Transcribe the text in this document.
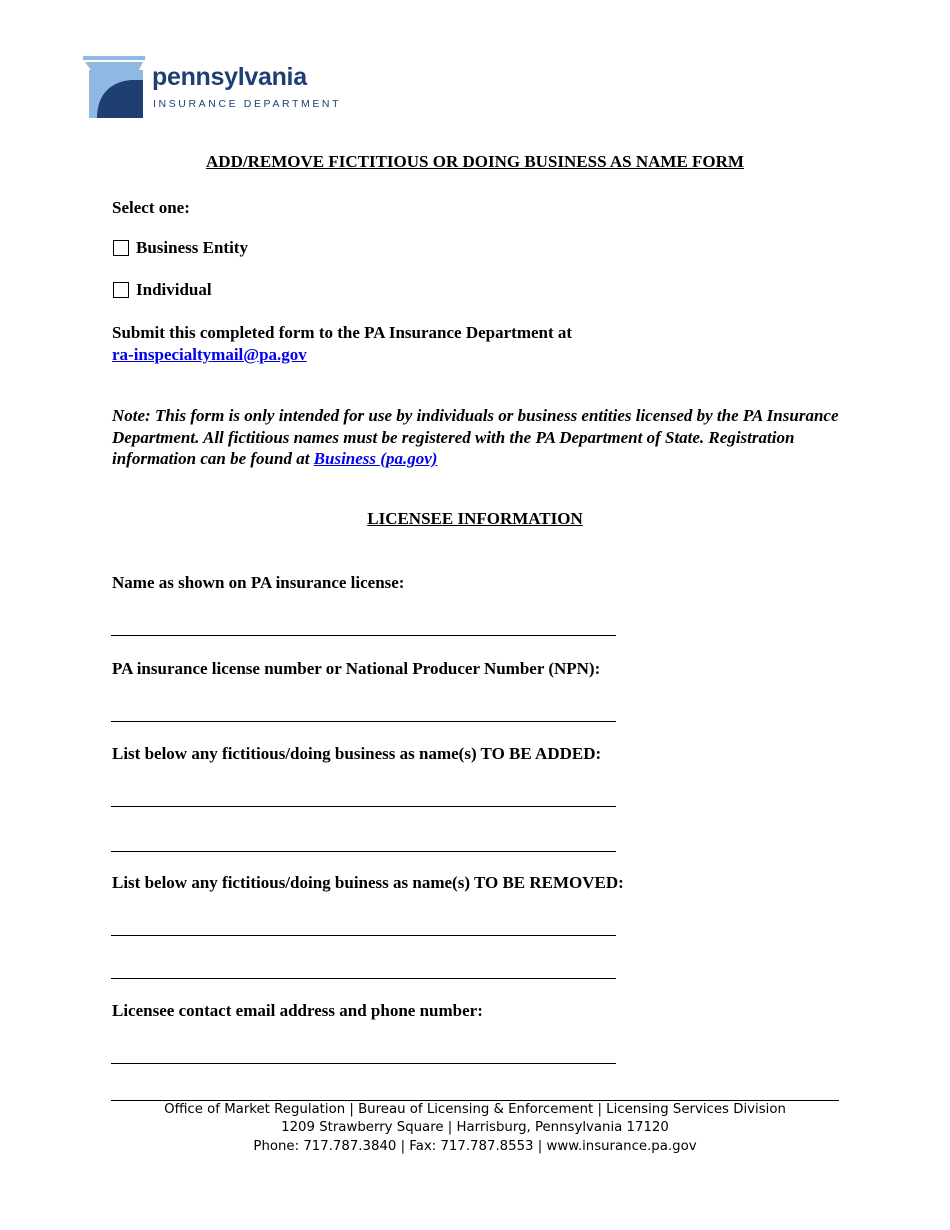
pennsylvania
INSURANCE DEPARTMENT
ADD/REMOVE FICTITIOUS OR DOING BUSINESS AS NAME FORM
Select one:
Business Entity
Individual
Submit this completed form to the PA Insurance Department at
ra-inspecialtymail@pa.gov
Note: This form is only intended for use by individuals or business entities licensed by the PA Insurance Department. All fictitious names must be registered with the PA Department of State. Registration information can be found at Business (pa.gov)
LICENSEE INFORMATION
Name as shown on PA insurance license:
PA insurance license number or National Producer Number (NPN):
List below any fictitious/doing business as name(s) TO BE ADDED:
List below any fictitious/doing buiness as name(s) TO BE REMOVED:
Licensee contact email address and phone number:
Office of Market Regulation | Bureau of Licensing & Enforcement | Licensing Services Division
1209 Strawberry Square | Harrisburg, Pennsylvania 17120
Phone: 717.787.3840 | Fax: 717.787.8553 | www.insurance.pa.gov
